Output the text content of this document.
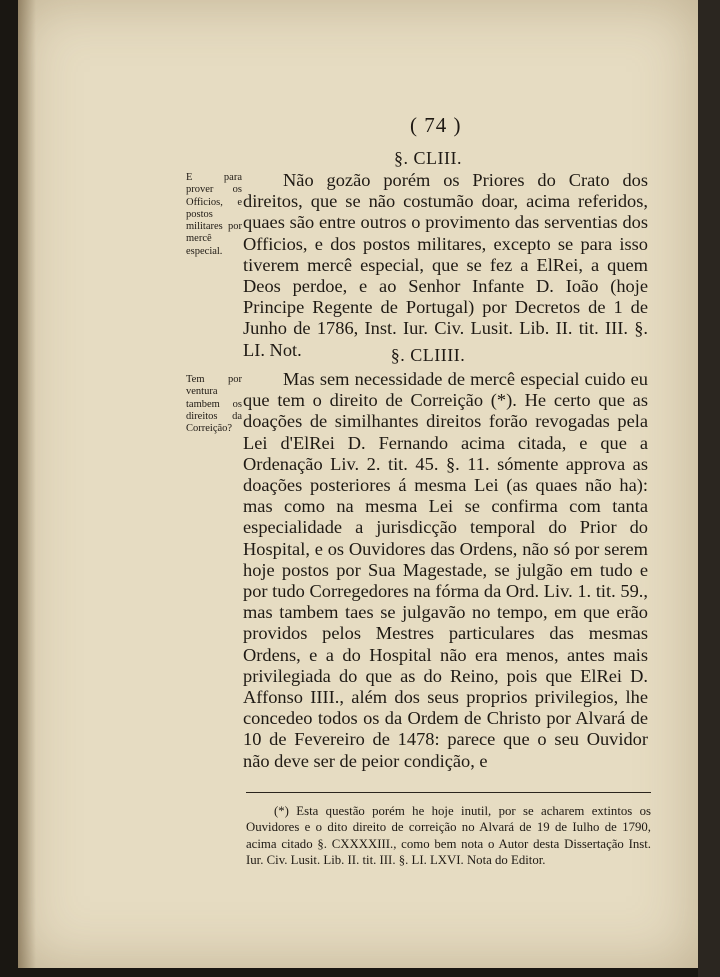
( 74 )
§. CLIII.
E para prover os Officios, e postos militares por mercê especial.

Não gozão porém os Priores do Crato dos direitos, que se não costumão doar, acima referidos, quaes são entre outros o provimento das serventias dos Officios, e dos postos militares, excepto se para isso tiverem mercê especial, que se fez a ElRei, a quem Deos perdoe, e ao Senhor Infante D. Ioão (hoje Principe Regente de Portugal) por Decretos de 1 de Junho de 1786, Inst. Iur. Civ. Lusit. Lib. II. tit. III. §. LI. Not.	§. CLIIII.
Tem por ventura tambem os direitos da Correição?

Mas sem necessidade de mercê especial cuido eu que tem o direito de Correição (*). He certo que as doações de similhantes direitos forão revogadas pela Lei d'ElRei D. Fernando acima citada, e que a Ordenação Liv. 2. tit. 45. §. 11. sómente approva as doações posteriores á mesma Lei (as quaes não ha): mas como na mesma Lei se confirma com tanta especialidade a jurisdicção temporal do Prior do Hospital, e os Ouvidores das Ordens, não só por serem hoje postos por Sua Magestade, se julgão em tudo e por tudo Corregedores na fórma da Ord. Liv. 1. tit. 59., mas tambem taes se julgavão no tempo, em que erão providos pelos Mestres particulares das mesmas Ordens, e a do Hospital não era menos, antes mais privilegiada do que as do Reino, pois que ElRei D. Affonso IIII., além dos seus proprios privilegios, lhe concedeo todos os da Ordem de Christo por Alvará de 10 de Fevereiro de 1478: parece que o seu Ouvidor não deve ser de peior condição, e

(*) Esta questão porém he hoje inutil, por se acharem extintos os Ouvidores e o dito direito de correição no Alvará de 19 de Iulho de 1790, acima citado §. CXXXXIII., como bem nota o Autor desta Dissertação Inst. Iur. Civ. Lusit. Lib. II. tit. III. §. LI. LXVI. Nota do Editor.
